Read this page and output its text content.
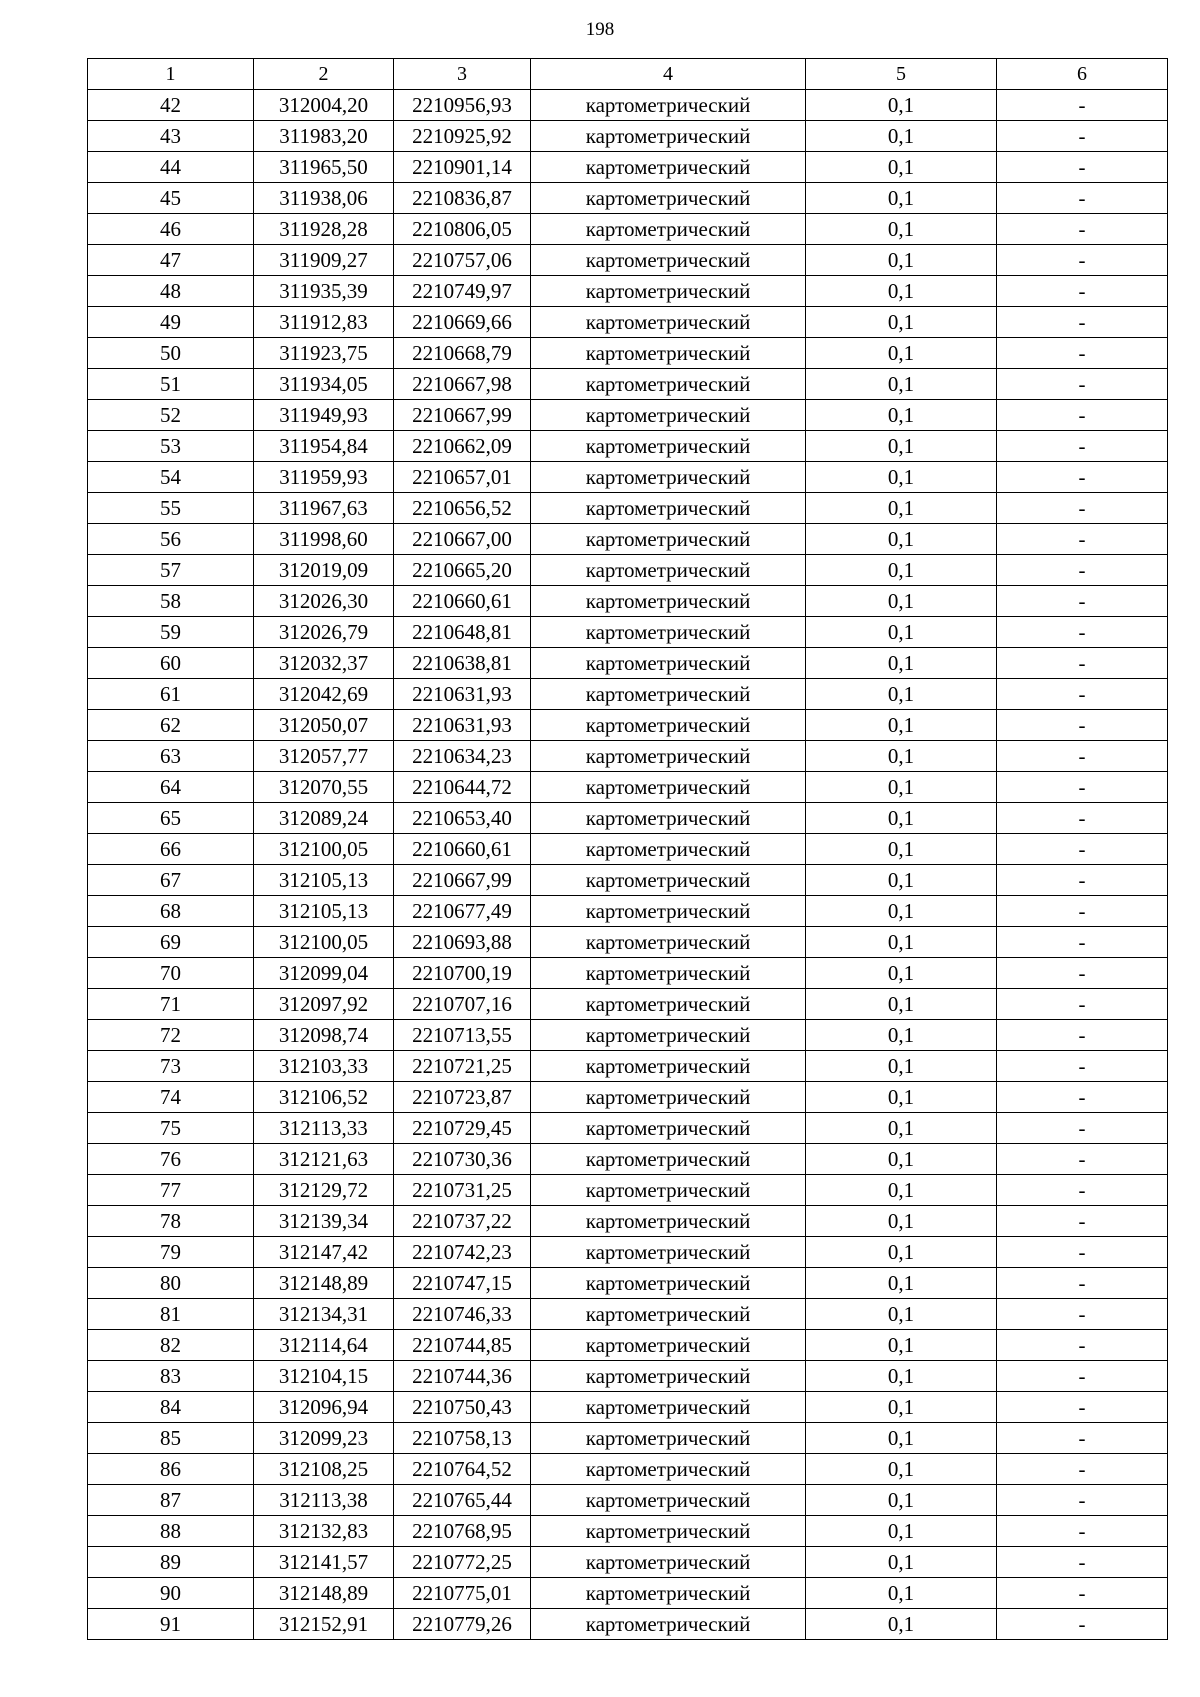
198
1	2	3	4	5	6
42	312004,20	2210956,93	картометрический	0,1	-
43	311983,20	2210925,92	картометрический	0,1	-
44	311965,50	2210901,14	картометрический	0,1	-
45	311938,06	2210836,87	картометрический	0,1	-
46	311928,28	2210806,05	картометрический	0,1	-
47	311909,27	2210757,06	картометрический	0,1	-
48	311935,39	2210749,97	картометрический	0,1	-
49	311912,83	2210669,66	картометрический	0,1	-
50	311923,75	2210668,79	картометрический	0,1	-
51	311934,05	2210667,98	картометрический	0,1	-
52	311949,93	2210667,99	картометрический	0,1	-
53	311954,84	2210662,09	картометрический	0,1	-
54	311959,93	2210657,01	картометрический	0,1	-
55	311967,63	2210656,52	картометрический	0,1	-
56	311998,60	2210667,00	картометрический	0,1	-
57	312019,09	2210665,20	картометрический	0,1	-
58	312026,30	2210660,61	картометрический	0,1	-
59	312026,79	2210648,81	картометрический	0,1	-
60	312032,37	2210638,81	картометрический	0,1	-
61	312042,69	2210631,93	картометрический	0,1	-
62	312050,07	2210631,93	картометрический	0,1	-
63	312057,77	2210634,23	картометрический	0,1	-
64	312070,55	2210644,72	картометрический	0,1	-
65	312089,24	2210653,40	картометрический	0,1	-
66	312100,05	2210660,61	картометрический	0,1	-
67	312105,13	2210667,99	картометрический	0,1	-
68	312105,13	2210677,49	картометрический	0,1	-
69	312100,05	2210693,88	картометрический	0,1	-
70	312099,04	2210700,19	картометрический	0,1	-
71	312097,92	2210707,16	картометрический	0,1	-
72	312098,74	2210713,55	картометрический	0,1	-
73	312103,33	2210721,25	картометрический	0,1	-
74	312106,52	2210723,87	картометрический	0,1	-
75	312113,33	2210729,45	картометрический	0,1	-
76	312121,63	2210730,36	картометрический	0,1	-
77	312129,72	2210731,25	картометрический	0,1	-
78	312139,34	2210737,22	картометрический	0,1	-
79	312147,42	2210742,23	картометрический	0,1	-
80	312148,89	2210747,15	картометрический	0,1	-
81	312134,31	2210746,33	картометрический	0,1	-
82	312114,64	2210744,85	картометрический	0,1	-
83	312104,15	2210744,36	картометрический	0,1	-
84	312096,94	2210750,43	картометрический	0,1	-
85	312099,23	2210758,13	картометрический	0,1	-
86	312108,25	2210764,52	картометрический	0,1	-
87	312113,38	2210765,44	картометрический	0,1	-
88	312132,83	2210768,95	картометрический	0,1	-
89	312141,57	2210772,25	картометрический	0,1	-
90	312148,89	2210775,01	картометрический	0,1	-
91	312152,91	2210779,26	картометрический	0,1	-
